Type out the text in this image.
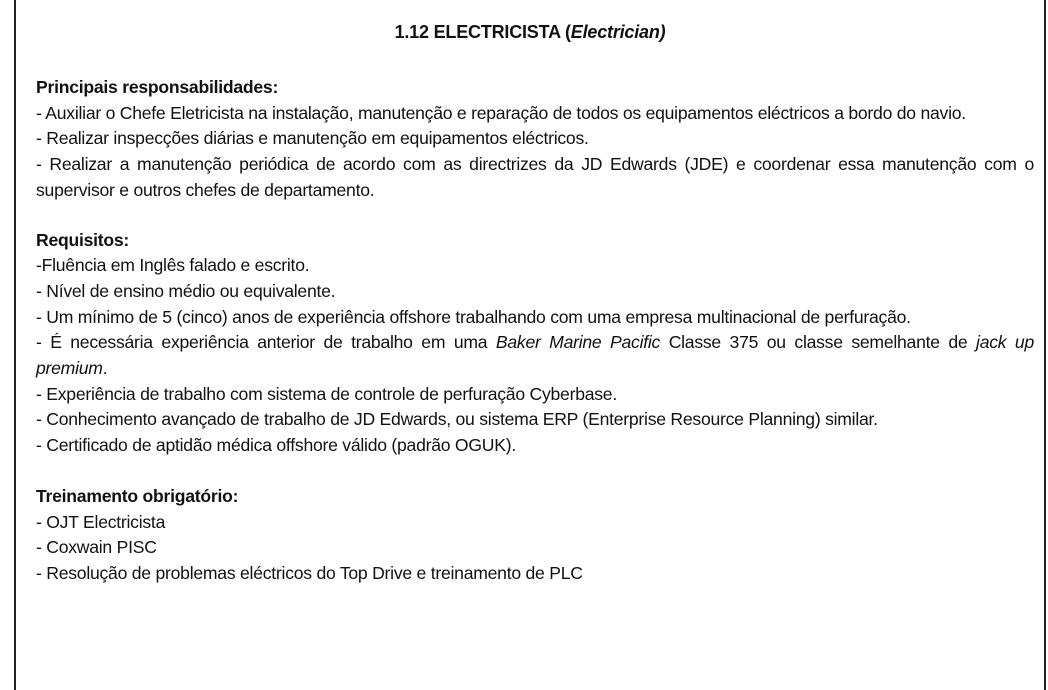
1.12 ELECTRICISTA (Electrician)

Principais responsabilidades:

- Auxiliar o Chefe Eletricista na instalação, manutenção e reparação de todos os equipamentos eléctricos a bordo do navio.

- Realizar inspecções diárias e manutenção em equipamentos eléctricos.

- Realizar a manutenção periódica de acordo com as directrizes da JD Edwards (JDE) e coordenar essa manutenção com o supervisor e outros chefes de departamento.

Requisitos:

-Fluência em Inglês falado e escrito.

- Nível de ensino médio ou equivalente.

- Um mínimo de 5 (cinco) anos de experiência offshore trabalhando com uma empresa multinacional de perfuração.

- É necessária experiência anterior de trabalho em uma Baker Marine Pacific Classe 375 ou classe semelhante de jack up premium.

- Experiência de trabalho com sistema de controle de perfuração Cyberbase.

- Conhecimento avançado de trabalho de JD Edwards, ou sistema ERP (Enterprise Resource Planning) similar.

- Certificado de aptidão médica offshore válido (padrão OGUK).

Treinamento obrigatório:

- OJT Electricista

- Coxwain PISC

- Resolução de problemas eléctricos do Top Drive e treinamento de PLC
